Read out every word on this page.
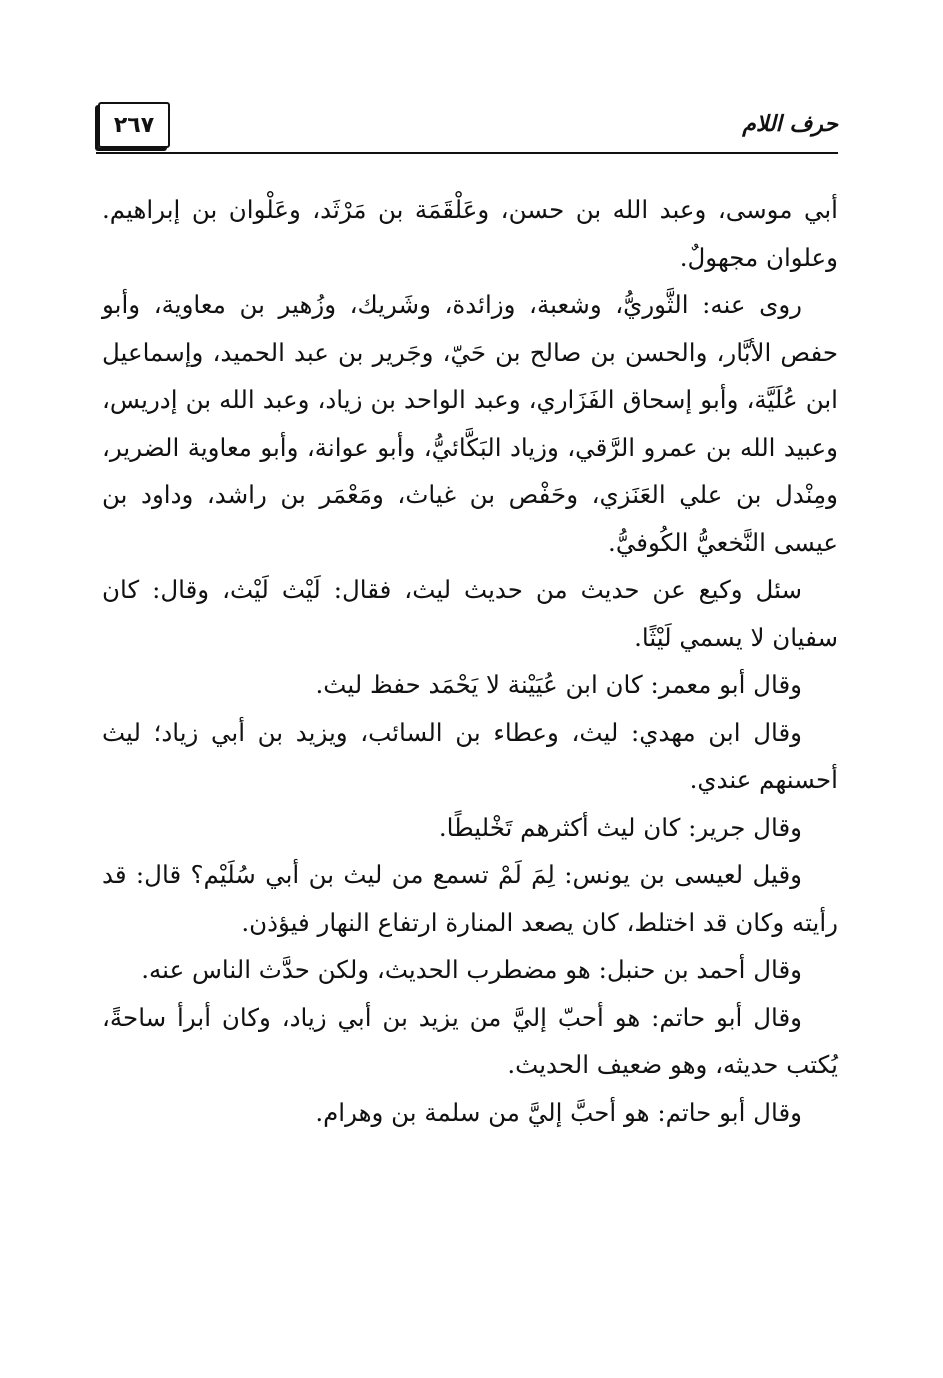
٢٦٧	حرف اللام

أبي موسى، وعبد الله بن حسن، وعَلْقَمَة بن مَرْثَد، وعَلْوان بن إبراهيم. وعلوان مجهولٌ.

روى عنه: الثَّوريُّ، وشعبة، وزائدة، وشَريك، وزُهير بن معاوية، وأبو حفص الأبَّار، والحسن بن صالح بن حَيّ، وجَرير بن عبد الحميد، وإسماعيل ابن عُلَيَّة، وأبو إسحاق الفَزَاري، وعبد الواحد بن زياد، وعبد الله بن إدريس، وعبيد الله بن عمرو الرَّقي، وزياد البَكَّائيُّ، وأبو عوانة، وأبو معاوية الضرير، ومِنْدل بن علي العَنَزي، وحَفْص بن غياث، ومَعْمَر بن راشد، وداود بن عيسى النَّخعيُّ الكُوفيُّ.

سئل وكيع عن حديث من حديث ليث، فقال: لَيْث لَيْث، وقال: كان سفيان لا يسمي لَيْثًا.

وقال أبو معمر: كان ابن عُيَيْنة لا يَحْمَد حفظ ليث.

وقال ابن مهدي: ليث، وعطاء بن السائب، ويزيد بن أبي زياد؛ ليث أحسنهم عندي.

وقال جرير: كان ليث أكثرهم تَخْليطًا.

وقيل لعيسى بن يونس: لِمَ لَمْ تسمع من ليث بن أبي سُلَيْم؟ قال: قد رأيته وكان قد اختلط، كان يصعد المنارة ارتفاع النهار فيؤذن.

وقال أحمد بن حنبل: هو مضطرب الحديث، ولكن حدَّث الناس عنه.

وقال أبو حاتم: هو أحبّ إليَّ من يزيد بن أبي زياد، وكان أبرأ ساحةً، يُكتب حديثه، وهو ضعيف الحديث.

وقال أبو حاتم: هو أحبَّ إليَّ من سلمة بن وهرام.
